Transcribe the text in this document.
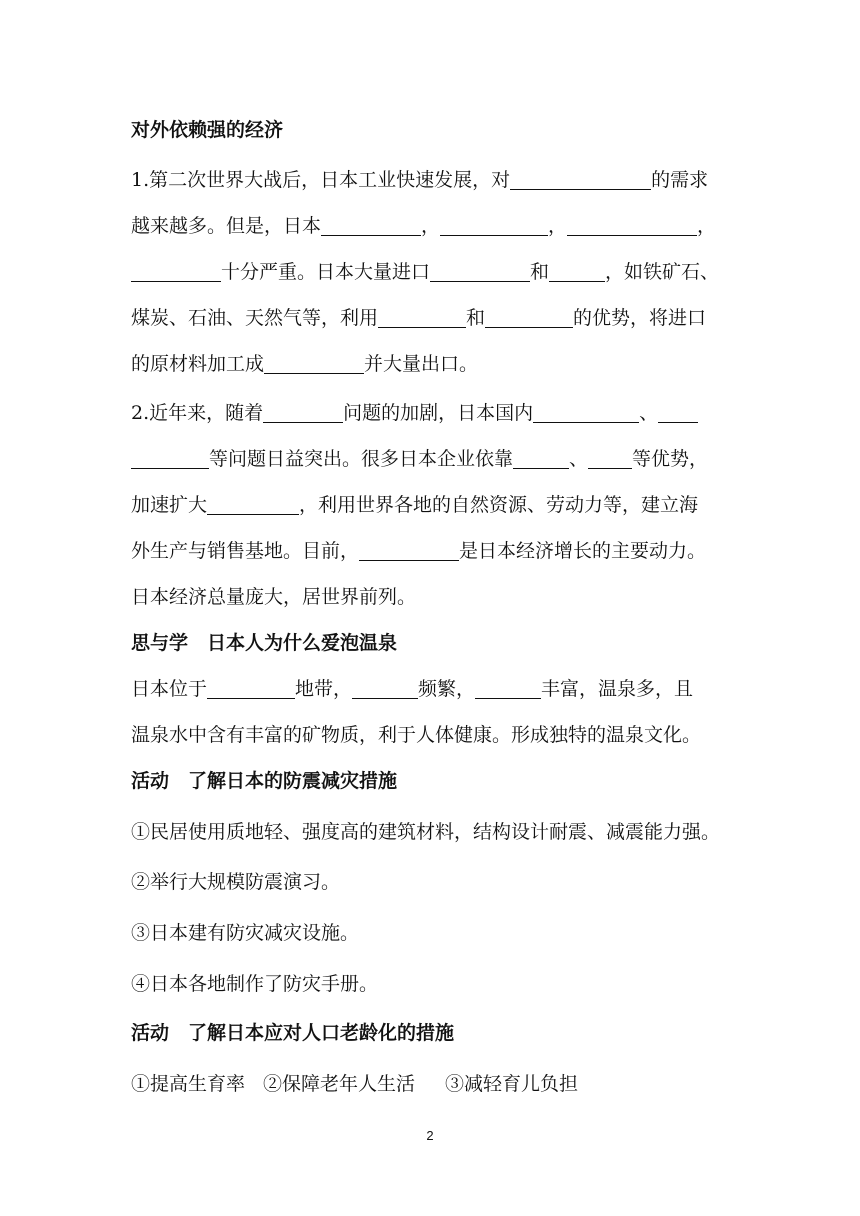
对外依赖强的经济
1.第二次世界大战后，日本工业快速发展，对	的需求
越来越多。但是，日本	，	，	，
十分严重。日本大量进口	和	，如铁矿石、
煤炭、石油、天然气等，利用	和	的优势，将进口
的原材料加工成	并大量出口。
2.近年来，随着	问题的加剧，日本国内	、
等问题日益突出。很多日本企业依靠	、 等优势，
加速扩大	，利用世界各地的自然资源、劳动力等，建立海
外生产与销售基地。目前，	是日本经济增长的主要动力。
日本经济总量庞大，居世界前列。
思与学　日本人为什么爱泡温泉
日本位于	地带，	频繁，	丰富，温泉多，且
温泉水中含有丰富的矿物质，利于人体健康。形成独特的温泉文化。
活动　了解日本的防震减灾措施
①民居使用质地轻、强度高的建筑材料，结构设计耐震、减震能力强。
②举行大规模防震演习。
③日本建有防灾减灾设施。
④日本各地制作了防灾手册。
活动　了解日本应对人口老龄化的措施
①提高生育率 ②保障老年人生活 ③减轻育儿负担
2
